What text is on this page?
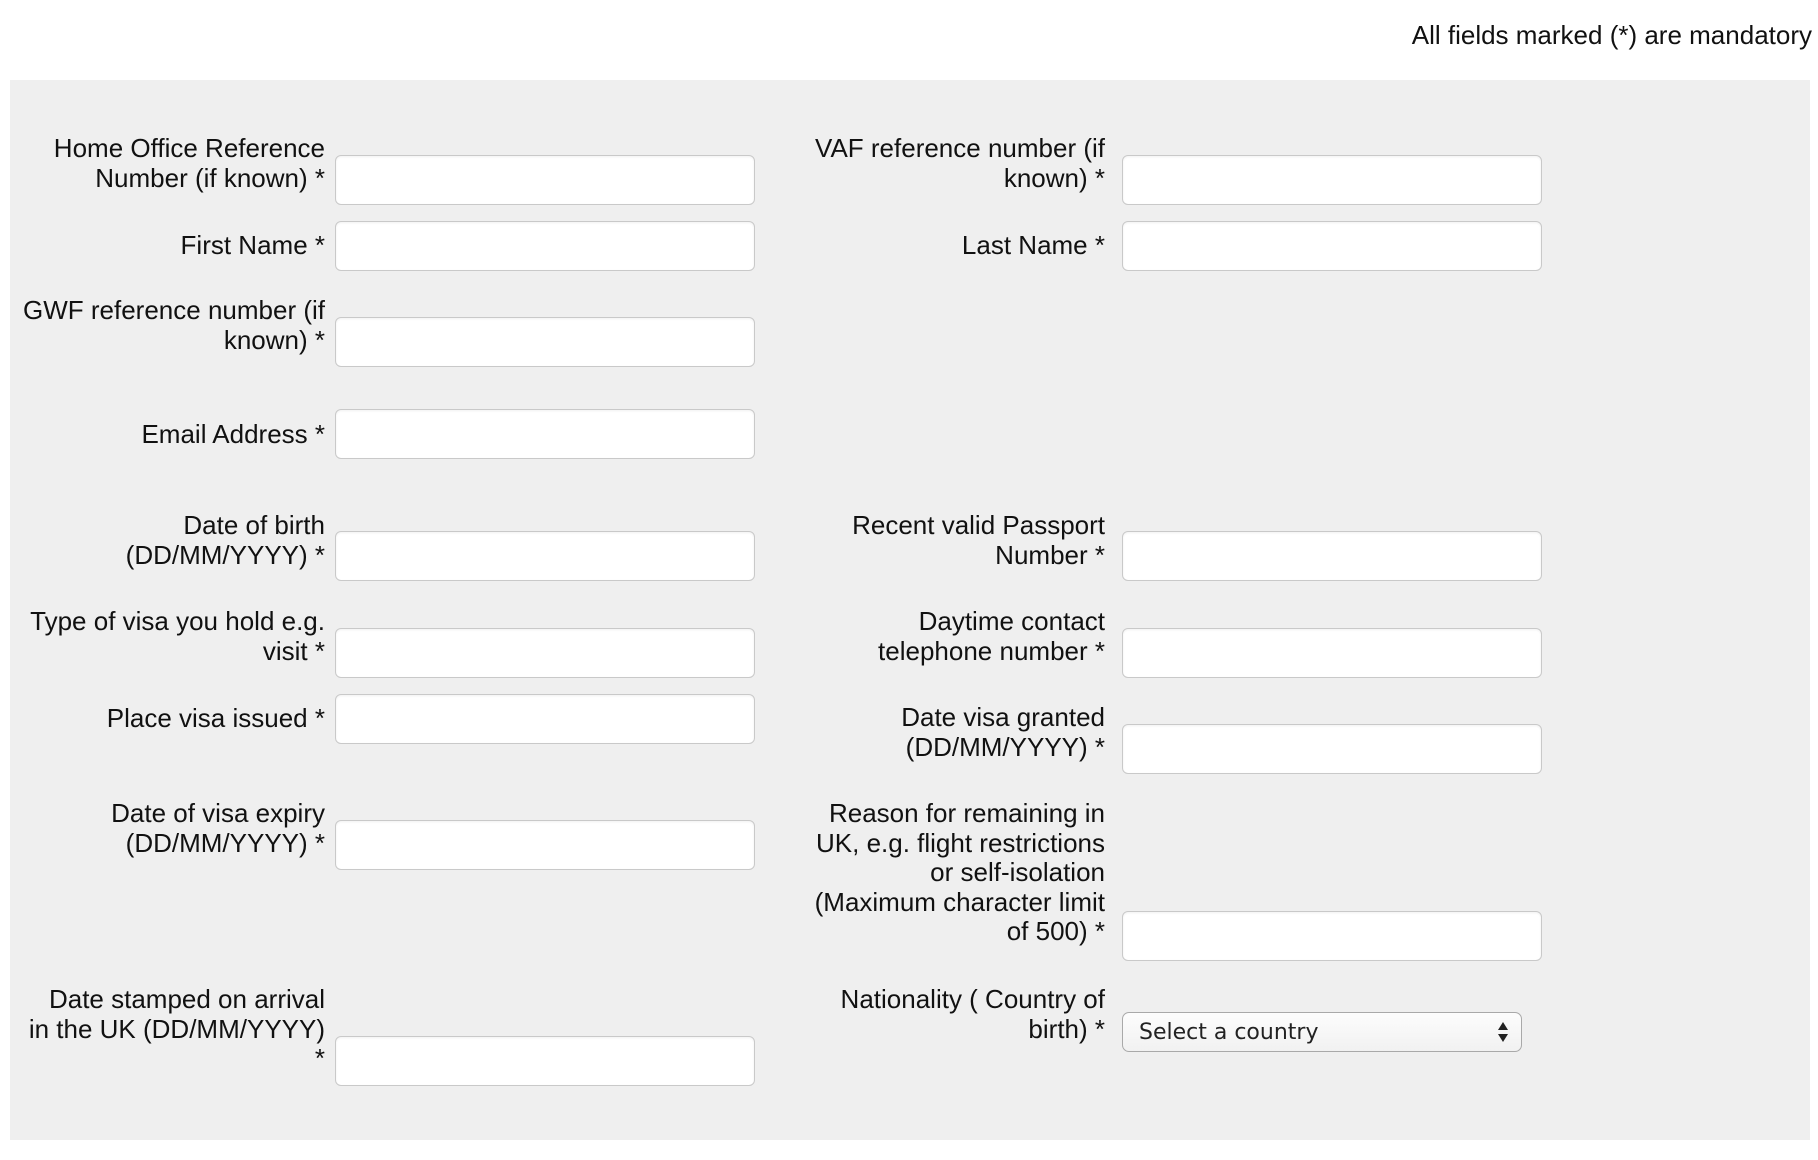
All fields marked (*) are mandatory
Home Office Reference Number (if known) *
VAF reference number (if known) *
First Name *	Last Name *
GWF reference number (if known) *
Email Address *
Date of birth (DD/MM/YYYY) *
Recent valid Passport Number *
Type of visa you hold e.g. visit *
Daytime contact telephone number *
Place visa issued *	Date visa granted (DD/MM/YYYY) *
Date of visa expiry (DD/MM/YYYY) *
Reason for remaining in UK, e.g. flight restrictions or self-isolation (Maximum character limit of 500) *
Date stamped on arrival in the UK (DD/MM/YYYY) *
Nationality ( Country of birth) * Select a country
